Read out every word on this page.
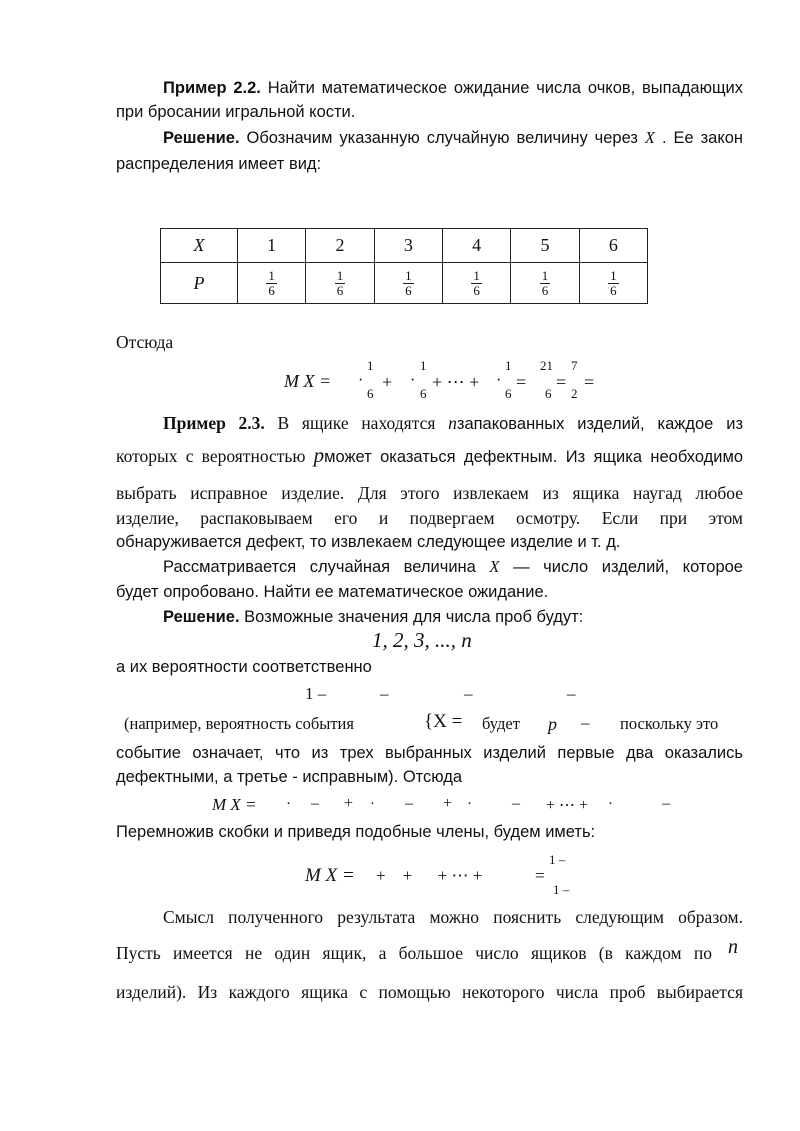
Пример 2.2. Найти математическое ожидание числа очков, выпадающих
при бросании игральной кости.
Решение. Обозначим указанную случайную величину через X . Ее закон
распределения имеет вид:
X	1	2	3	4	5	6
P	$\frac{1}{6}$	$\frac{1}{6}$	$\frac{1}{6}$	$\frac{1}{6}$	$\frac{1}{6}$	$\frac{1}{6}$
Отсюда
M X =
1
6
· +
1
6
· + ⋯ +
1
6
· =
21
6
=
7
2
=
Пример 2.3. В ящике находятся nзапакованных изделий, каждое из
которых с вероятностью pможет оказаться дефектным. Из ящика необходимо
выбрать исправное изделие. Для этого извлекаем из ящика наугад любое
изделие, распаковываем его и подвергаем осмотру. Если при этом
обнаруживается дефект, то извлекаем следующее изделие и т. д.
Рассматривается случайная величина X — число изделий, которое
будет опробовано. Найти ее математическое ожидание.
Решение. Возможные значения для числа проб будут:
1, 2, 3, ..., n
а их вероятности соответственно
1 –	–	–	–
(например, вероятность события	{X = будет p – поскольку это
событие означает, что из трех выбранных изделий первые два оказались
дефектными, а третье - исправным). Отсюда
M X = · – + · – + ·	– + ⋯ + ·	–
Перемножив скобки и приведя подобные члены, будем иметь:
M X = +    +      + ⋯ +	=
1 –
1 –
Смысл полученного результата можно пояснить следующим образом.
Пусть имеется не один ящик, а большое число ящиков (в каждом по n
изделий). Из каждого ящика с помощью некоторого числа проб выбирается
